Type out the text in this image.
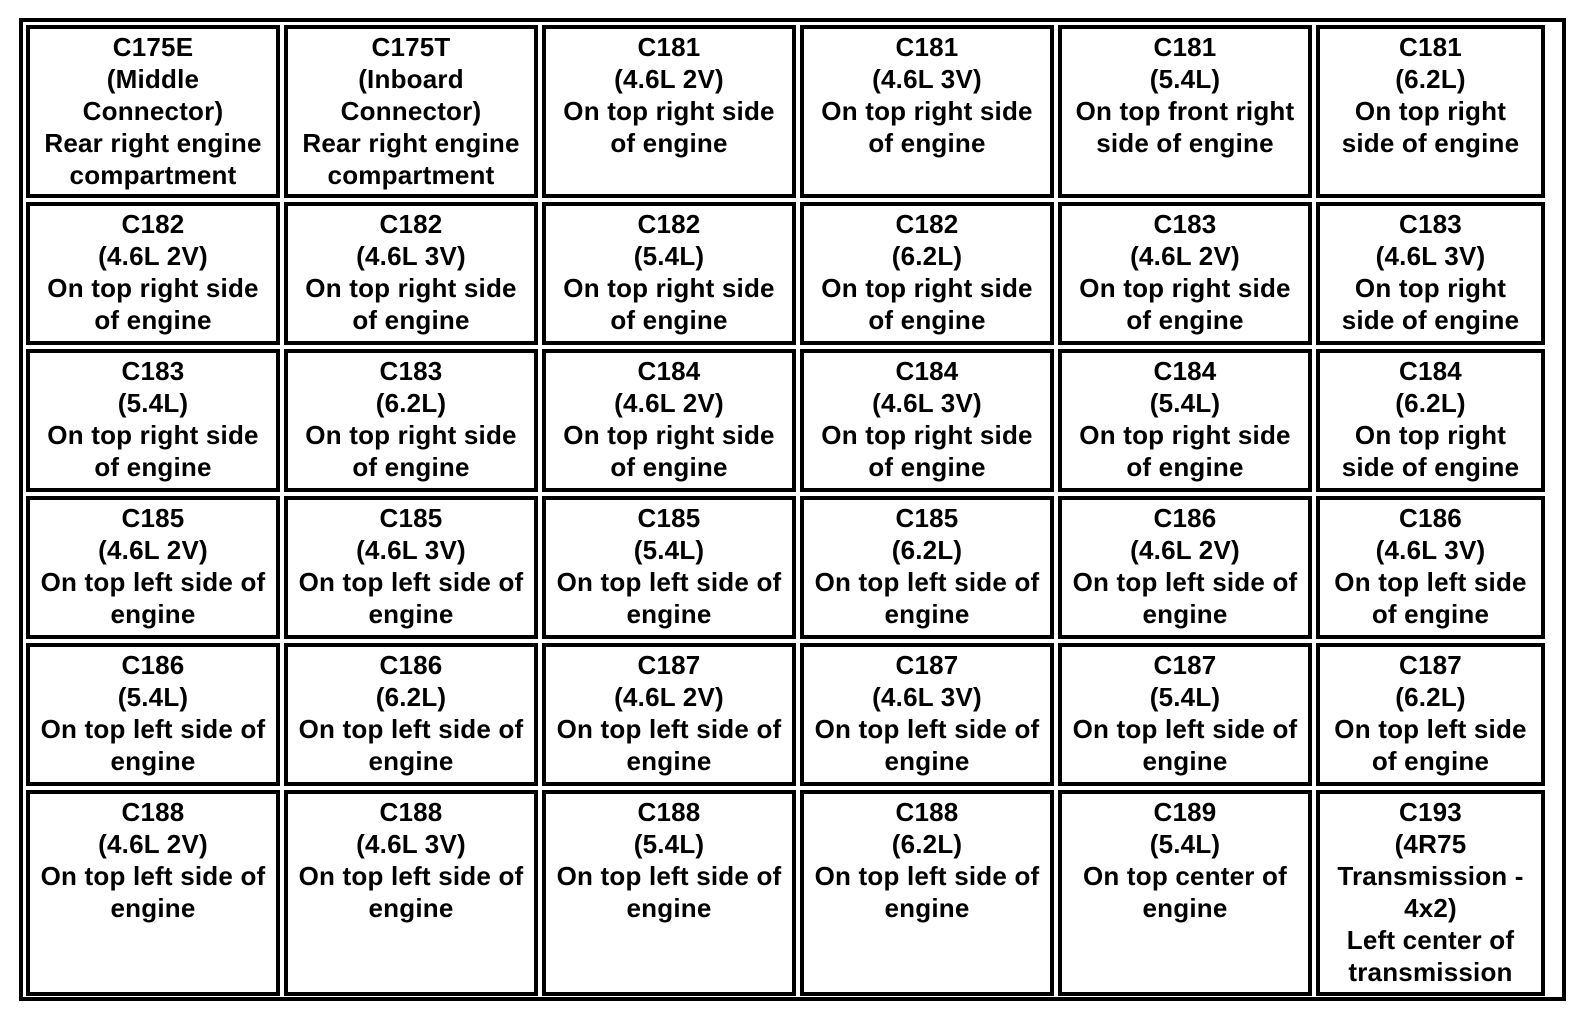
C175E
(Middle
Connector)
Rear right engine
compartment
C175T
(Inboard
Connector)
Rear right engine
compartment
C181
(4.6L 2V)
On top right side
of engine
C181
(4.6L 3V)
On top right side
of engine
C181
(5.4L)
On top front right
side of engine
C181
(6.2L)
On top right
side of engine
C182
(4.6L 2V)
On top right side
of engine
C182
(4.6L 3V)
On top right side
of engine
C182
(5.4L)
On top right side
of engine
C182
(6.2L)
On top right side
of engine
C183
(4.6L 2V)
On top right side
of engine
C183
(4.6L 3V)
On top right
side of engine
C183
(5.4L)
On top right side
of engine
C183
(6.2L)
On top right side
of engine
C184
(4.6L 2V)
On top right side
of engine
C184
(4.6L 3V)
On top right side
of engine
C184
(5.4L)
On top right side
of engine
C184
(6.2L)
On top right
side of engine
C185
(4.6L 2V)
On top left side of
engine
C185
(4.6L 3V)
On top left side of
engine
C185
(5.4L)
On top left side of
engine
C185
(6.2L)
On top left side of
engine
C186
(4.6L 2V)
On top left side of
engine
C186
(4.6L 3V)
On top left side
of engine
C186
(5.4L)
On top left side of
engine
C186
(6.2L)
On top left side of
engine
C187
(4.6L 2V)
On top left side of
engine
C187
(4.6L 3V)
On top left side of
engine
C187
(5.4L)
On top left side of
engine
C187
(6.2L)
On top left side
of engine
C188
(4.6L 2V)
On top left side of
engine
C188
(4.6L 3V)
On top left side of
engine
C188
(5.4L)
On top left side of
engine
C188
(6.2L)
On top left side of
engine
C189
(5.4L)
On top center of
engine
C193
(4R75
Transmission -
4x2)
Left center of
transmission
